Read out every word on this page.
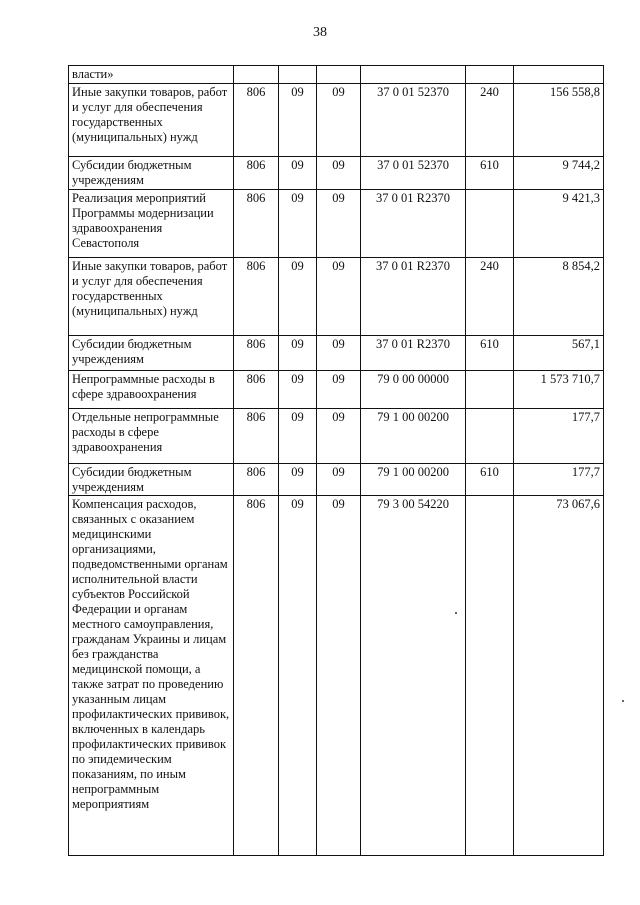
38
власти»						
Иные закупки товаров, работ и услуг для обеспечения государственных (муниципальных) нужд	806	09	09	37 0 01 52370	240	156 558,8
Субсидии бюджетным учреждениям	806	09	09	37 0 01 52370	610	9 744,2
Реализация мероприятий Программы модернизации здравоохранения Севастополя	806	09	09	37 0 01 R2370		9 421,3
Иные закупки товаров, работ и услуг для обеспечения государственных (муниципальных) нужд	806	09	09	37 0 01 R2370	240	8 854,2
Субсидии бюджетным учреждениям	806	09	09	37 0 01 R2370	610	567,1
Непрограммные расходы в сфере здравоохранения	806	09	09	79 0 00 00000		1 573 710,7
Отдельные непрограммные расходы в сфере здравоохранения	806	09	09	79 1 00 00200		177,7
Субсидии бюджетным учреждениям	806	09	09	79 1 00 00200	610	177,7
Компенсация расходов, связанных с оказанием медицинскими организациями, подведомственными органам исполнительной власти субъектов Российской Федерации и органам местного самоуправления, гражданам Украины и лицам без гражданства медицинской помощи, а также затрат по проведению указанным лицам профилактических прививок, включенных в календарь профилактических прививок по эпидемическим показаниям, по иным непрограммным мероприятиям	806	09	09	79 3 00 54220		73 067,6
